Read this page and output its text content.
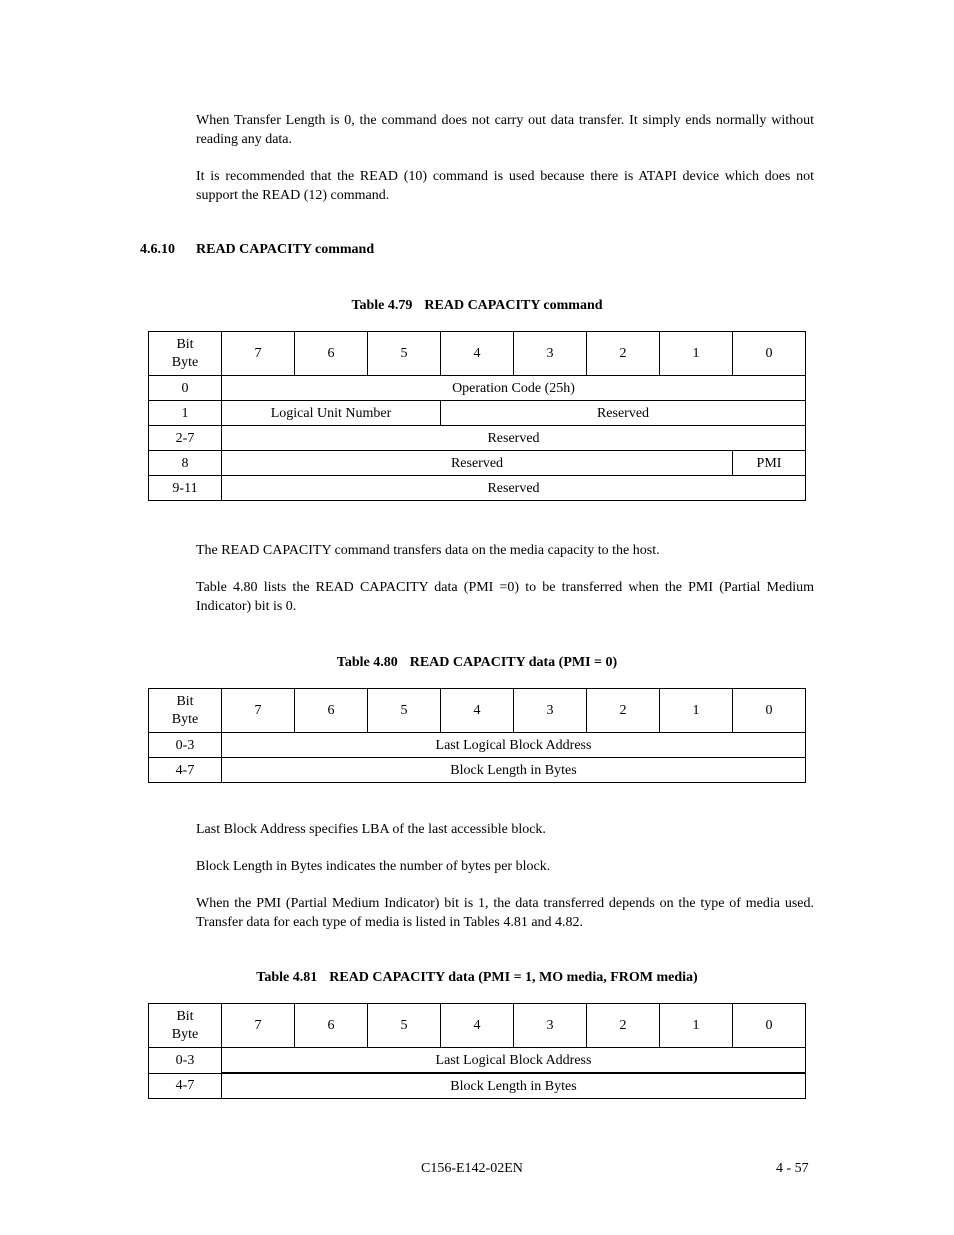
When Transfer Length is 0, the command does not carry out data transfer. It simply ends normally without reading any data.

It is recommended that the READ (10) command is used because there is ATAPI device which does not support the READ (12) command.

4.6.10 READ CAPACITY command

Table 4.79 READ CAPACITY command

Bit
Byte	7	6	5	4	3	2	1	0
0	Operation Code (25h)							
1	Logical Unit Number			Reserved				
2-7	Reserved							
8	Reserved							PMI
9-11	Reserved							

The READ CAPACITY command transfers data on the media capacity to the host.

Table 4.80 lists the READ CAPACITY data (PMI =0) to be transferred when the PMI (Partial Medium Indicator) bit is 0.

Table 4.80 READ CAPACITY data (PMI = 0)

Bit
Byte	7	6	5	4	3	2	1	0
0-3	Last Logical Block Address							
4-7	Block Length in Bytes							

Last Block Address specifies LBA of the last accessible block.

Block Length in Bytes indicates the number of bytes per block.

When the PMI (Partial Medium Indicator) bit is 1, the data transferred depends on the type of media used. Transfer data for each type of media is listed in Tables 4.81 and 4.82.

Table 4.81 READ CAPACITY data (PMI = 1, MO media, FROM media)

Bit
Byte	7	6	5	4	3	2	1	0
0-3	Last Logical Block Address							
4-7	Block Length in Bytes							

C156-E142-02EN	4 - 57
